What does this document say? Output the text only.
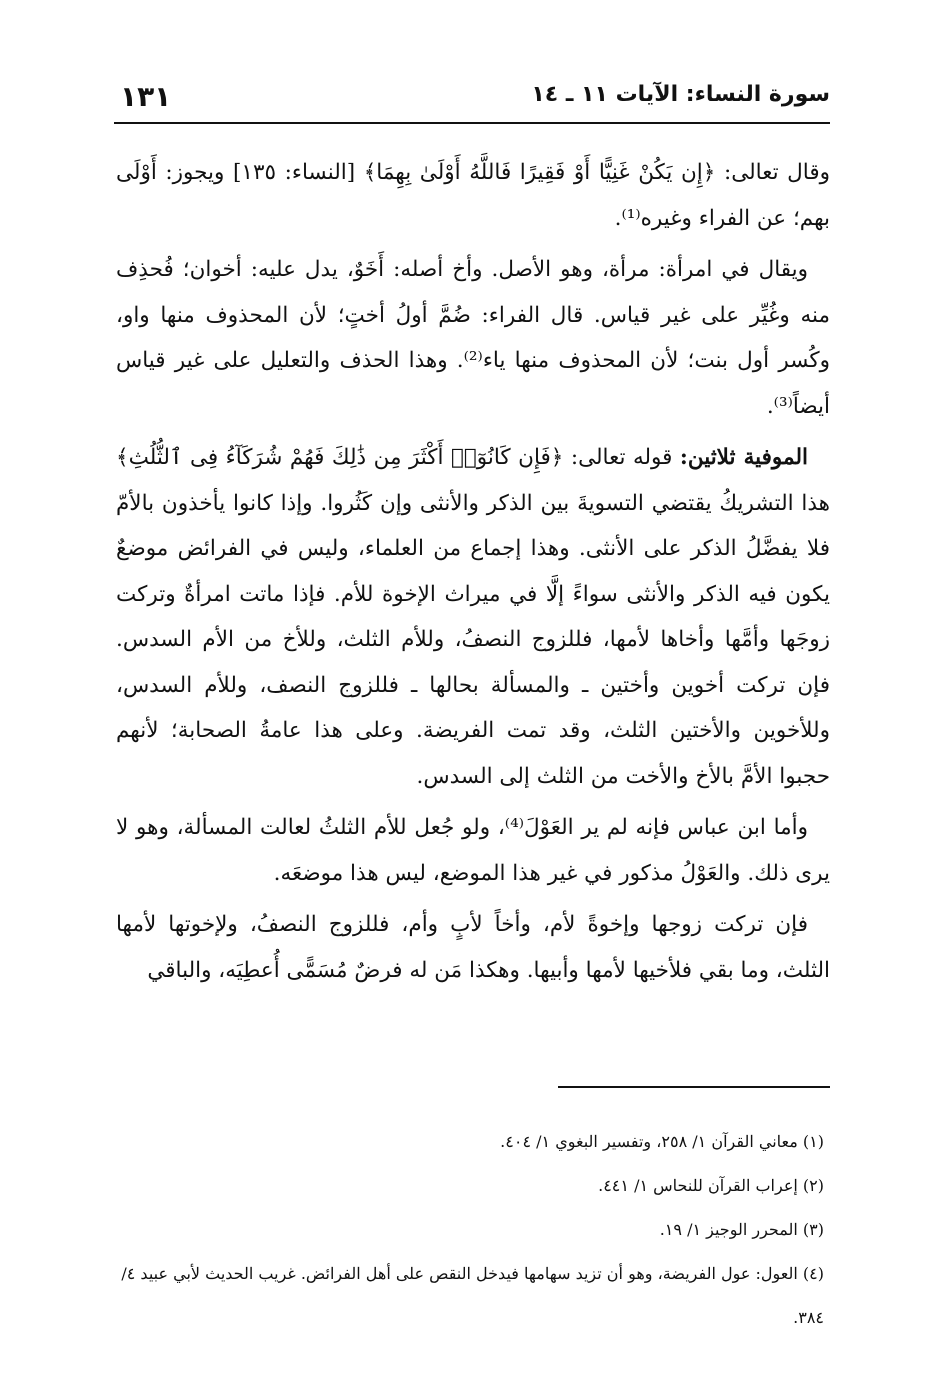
سورة النساء: الآيات ١١ ـ ١٤
١٣١

وقال تعالى: ﴿إِن يَكُنْ غَنِيًّا أَوْ فَقِيرًا فَاللَّهُ أَوْلَىٰ بِهِمَا﴾ [النساء: ١٣٥] ويجوز: أَوْلَى بهم؛ عن الفراء وغيره⁽¹⁾.

ويقال في امرأة: مرأة، وهو الأصل. وأخ أصله: أَخَوٌ، يدل عليه: أخوان؛ فُحذِف منه وغُيِّر على غير قياس. قال الفراء: ضُمَّ أولُ أختٍ؛ لأن المحذوف منها واو، وكُسر أول بنت؛ لأن المحذوف منها ياء⁽²⁾. وهذا الحذف والتعليل على غير قياس أيضاً⁽³⁾.

الموفية ثلاثين: قوله تعالى: ﴿فَإِن كَانُوٓا۟ أَكْثَرَ مِن ذَٰلِكَ فَهُمْ شُرَكَآءُ فِى ٱلثُّلُثِ﴾ هذا التشريكُ يقتضي التسويةَ بين الذكر والأنثى وإن كَثُروا. وإذا كانوا يأخذون بالأمّ فلا يفضَّلُ الذكر على الأنثى. وهذا إجماع من العلماء، وليس في الفرائض موضعٌ يكون فيه الذكر والأنثى سواءً إلَّا في ميراث الإخوة للأم. فإذا ماتت امرأةٌ وتركت زوجَها وأمَّها وأخاها لأمها، فللزوج النصفُ، وللأم الثلث، وللأخ من الأم السدس. فإن تركت أخوين وأختين ـ والمسألة بحالها ـ فللزوج النصف، وللأم السدس، وللأخوين والأختين الثلث، وقد تمت الفريضة. وعلى هذا عامةُ الصحابة؛ لأنهم حجبوا الأمَّ بالأخ والأخت من الثلث إلى السدس.

وأما ابن عباس فإنه لم ير العَوْلَ⁽⁴⁾، ولو جُعل للأم الثلثُ لعالت المسألة، وهو لا يرى ذلك. والعَوْلُ مذكور في غير هذا الموضع، ليس هذا موضعَه.

فإن تركت زوجها وإخوةً لأم، وأخاً لأبٍ وأم، فللزوج النصفُ، ولإخوتها لأمها الثلث، وما بقي فلأخيها لأمها وأبيها. وهكذا مَن له فرضٌ مُسَمًّى أُعطِيَه، والباقي

(١) معاني القرآن ١/ ٢٥٨، وتفسير البغوي ١/ ٤٠٤.

(٢) إعراب القرآن للنحاس ١/ ٤٤١.

(٣) المحرر الوجيز ١/ ١٩.

(٤) العول: عول الفريضة، وهو أن تزيد سهامها فيدخل النقص على أهل الفرائض. غريب الحديث لأبي عبيد ٤/ ٣٨٤.
